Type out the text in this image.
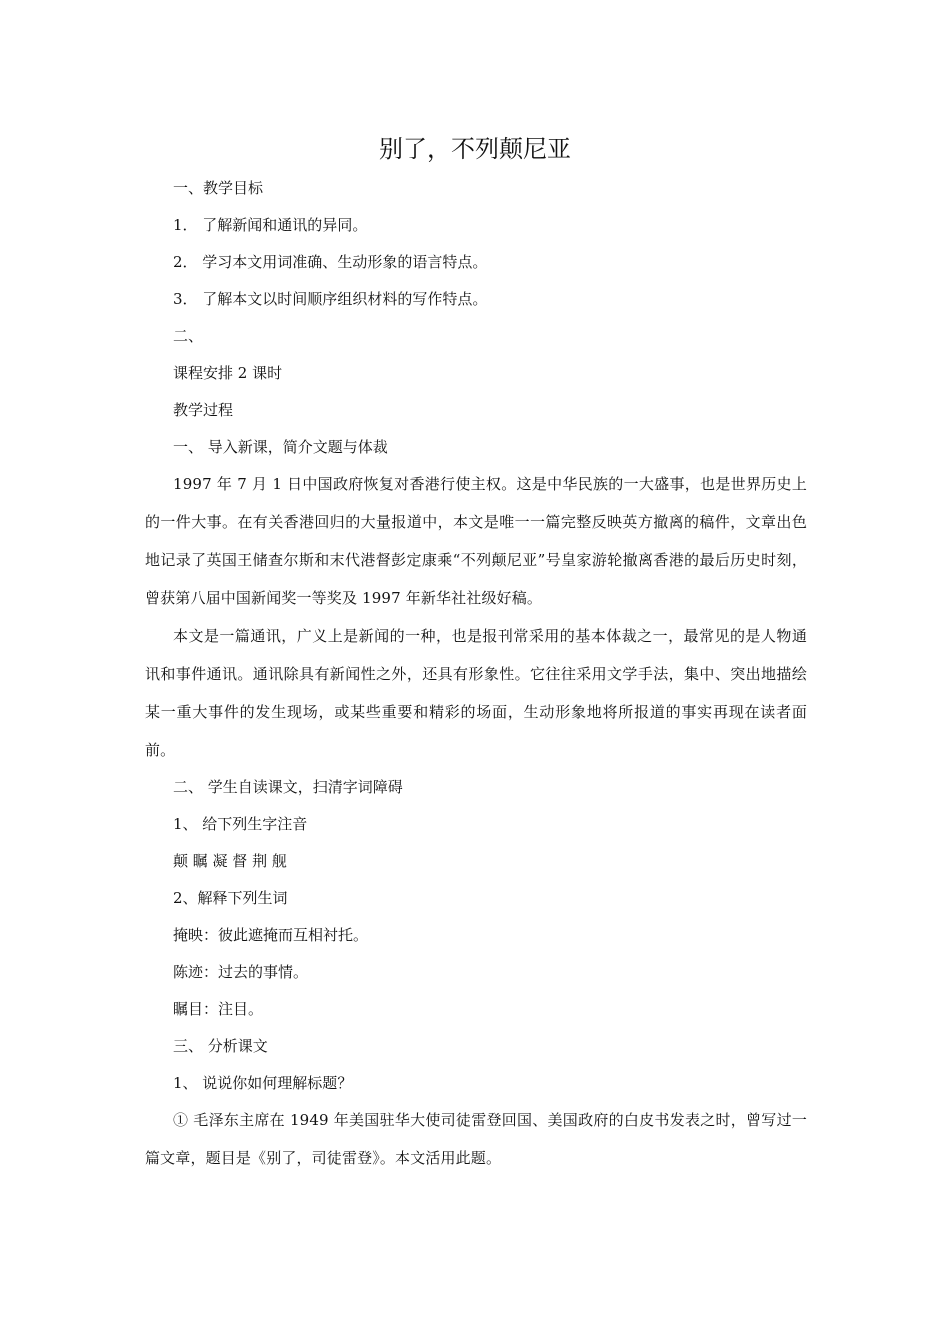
别了，不列颠尼亚

一、教学目标

1． 了解新闻和通讯的异同。

2． 学习本文用词准确、生动形象的语言特点。

3． 了解本文以时间顺序组织材料的写作特点。

二、

课程安排 2 课时

教学过程

一、 导入新课，简介文题与体裁

1997 年 7 月 1 日中国政府恢复对香港行使主权。这是中华民族的一大盛事，也是世界历史上的一件大事。在有关香港回归的大量报道中，本文是唯一一篇完整反映英方撤离的稿件，文章出色地记录了英国王储查尔斯和末代港督彭定康乘“不列颠尼亚”号皇家游轮撤离香港的最后历史时刻，曾获第八届中国新闻奖一等奖及 1997 年新华社社级好稿。

本文是一篇通讯，广义上是新闻的一种，也是报刊常采用的基本体裁之一，最常见的是人物通讯和事件通讯。通讯除具有新闻性之外，还具有形象性。它往往采用文学手法，集中、突出地描绘某一重大事件的发生现场，或某些重要和精彩的场面，生动形象地将所报道的事实再现在读者面前。

二、 学生自读课文，扫清字词障碍

1、 给下列生字注音

颠 瞩 凝 督 荆 舰

2、解释下列生词

掩映：彼此遮掩而互相衬托。

陈迹：过去的事情。

瞩目：注目。

三、 分析课文

1、 说说你如何理解标题？

① 毛泽东主席在 1949 年美国驻华大使司徒雷登回国、美国政府的白皮书发表之时，曾写过一篇文章，题目是《别了，司徒雷登》。本文活用此题。
